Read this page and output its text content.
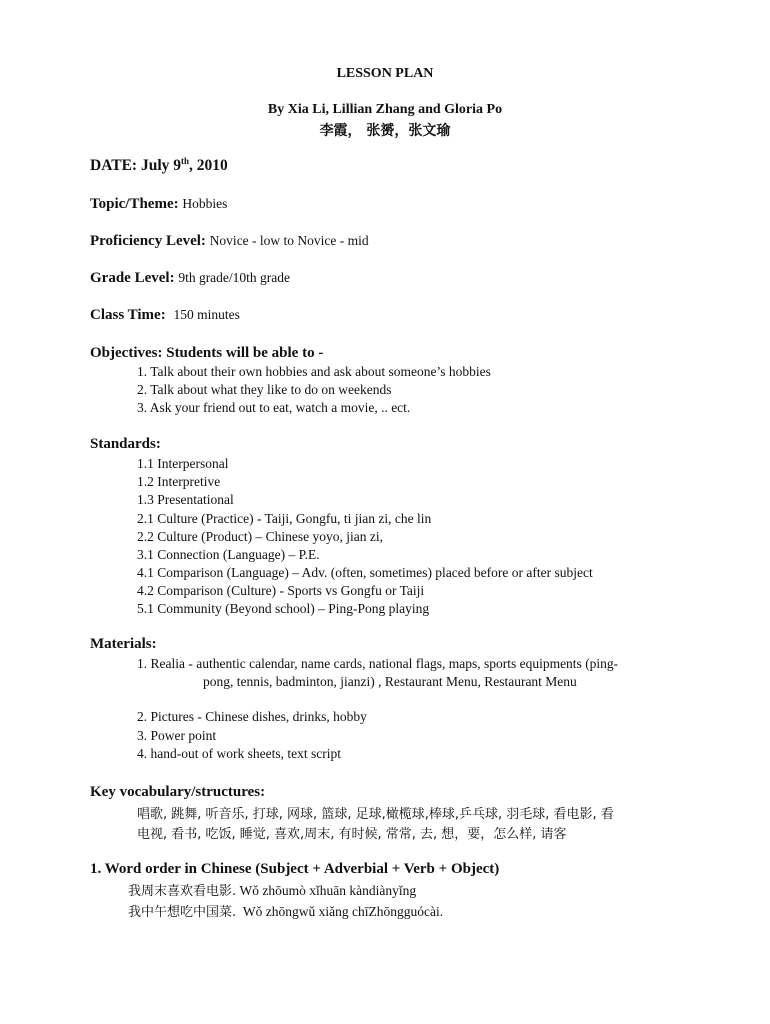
LESSON PLAN
By Xia Li, Lillian Zhang and Gloria Po
李霞， 张赟，张文瑜
DATE: July 9th, 2010
Topic/Theme: Hobbies
Proficiency Level: Novice - low to Novice - mid
Grade Level: 9th grade/10th grade
Class Time: 150 minutes
Objectives: Students will be able to -
1. Talk about their own hobbies and ask about someone’s hobbies
2. Talk about what they like to do on weekends
3. Ask your friend out to eat, watch a movie, .. ect.
Standards:
1.1 Interpersonal
1.2 Interpretive
1.3 Presentational
2.1 Culture (Practice) - Taiji, Gongfu, ti jian zi, che lin
2.2 Culture (Product) – Chinese yoyo, jian zi,
3.1 Connection (Language) – P.E.
4.1 Comparison (Language) – Adv. (often, sometimes) placed before or after subject
4.2 Comparison (Culture) - Sports vs Gongfu or Taiji
5.1 Community (Beyond school) – Ping-Pong playing
Materials:
1. Realia - authentic calendar, name cards, national flags, maps, sports equipments (ping-
pong, tennis, badminton, jianzi) , Restaurant Menu, Restaurant Menu
2. Pictures - Chinese dishes, drinks, hobby
3. Power point
4. hand-out of work sheets, text script
Key vocabulary/structures:
唱歌, 跳舞, 听音乐, 打球, 网球, 篮球, 足球,橄榄球,棒球,乒乓球, 羽毛球, 看电影, 看
电视, 看书, 吃饭, 睡觉, 喜欢,周末, 有时候, 常常, 去, 想，要，怎么样, 请客
1. Word order in Chinese (Subject + Adverbial + Verb + Object)
我周末喜欢看电影. Wǒ zhōumò xǐhuān kàndiànyǐng
我中午想吃中国菜.  Wǒ zhōngwǔ xiǎng chīZhōngguócài.
